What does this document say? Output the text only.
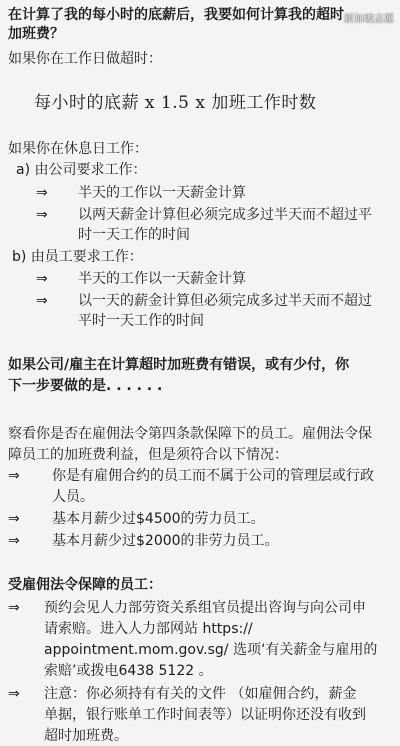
新加坡志愿
在计算了我的每小时的底薪后，我要如何计算我的超时
加班费？
如果你在工作日做超时：
每小时的底薪 x 1.5 x 加班工作时数
如果你在休息日工作：
a) 由公司要求工作：
⇒ 半天的工作以一天薪金计算
⇒ 以两天薪金计算但必须完成多过半天而不超过平
时一天工作的时间
b) 由员工要求工作：
⇒ 半天的工作以一天薪金计算
⇒ 以一天的薪金计算但必须完成多过半天而不超过
平时一天工作的时间
如果公司/雇主在计算超时加班费有错误，或有少付，你
下一步要做的是. . . . . .
察看你是否在雇佣法令第四条款保障下的员工。雇佣法令保
障员工的加班费利益，但是须符合以下情况：
⇒ 你是有雇佣合约的员工而不属于公司的管理层或行政
人员。
⇒ 基本月薪少过$4500的劳力员工。
⇒ 基本月薪少过$2000的非劳力员工。
受雇佣法令保障的员工：
⇒ 预约会见人力部劳资关系组官员提出咨询与向公司申
请索赔。进入人力部网站 https://
appointment.mom.gov.sg/ 选项‘有关薪金与雇用的
索赔’或拨电6438 5122 。
⇒ 注意：你必须持有有关的文件 （如雇佣合约，薪金
单据，银行账单工作时间表等）以证明你还没有收到
超时加班费。
